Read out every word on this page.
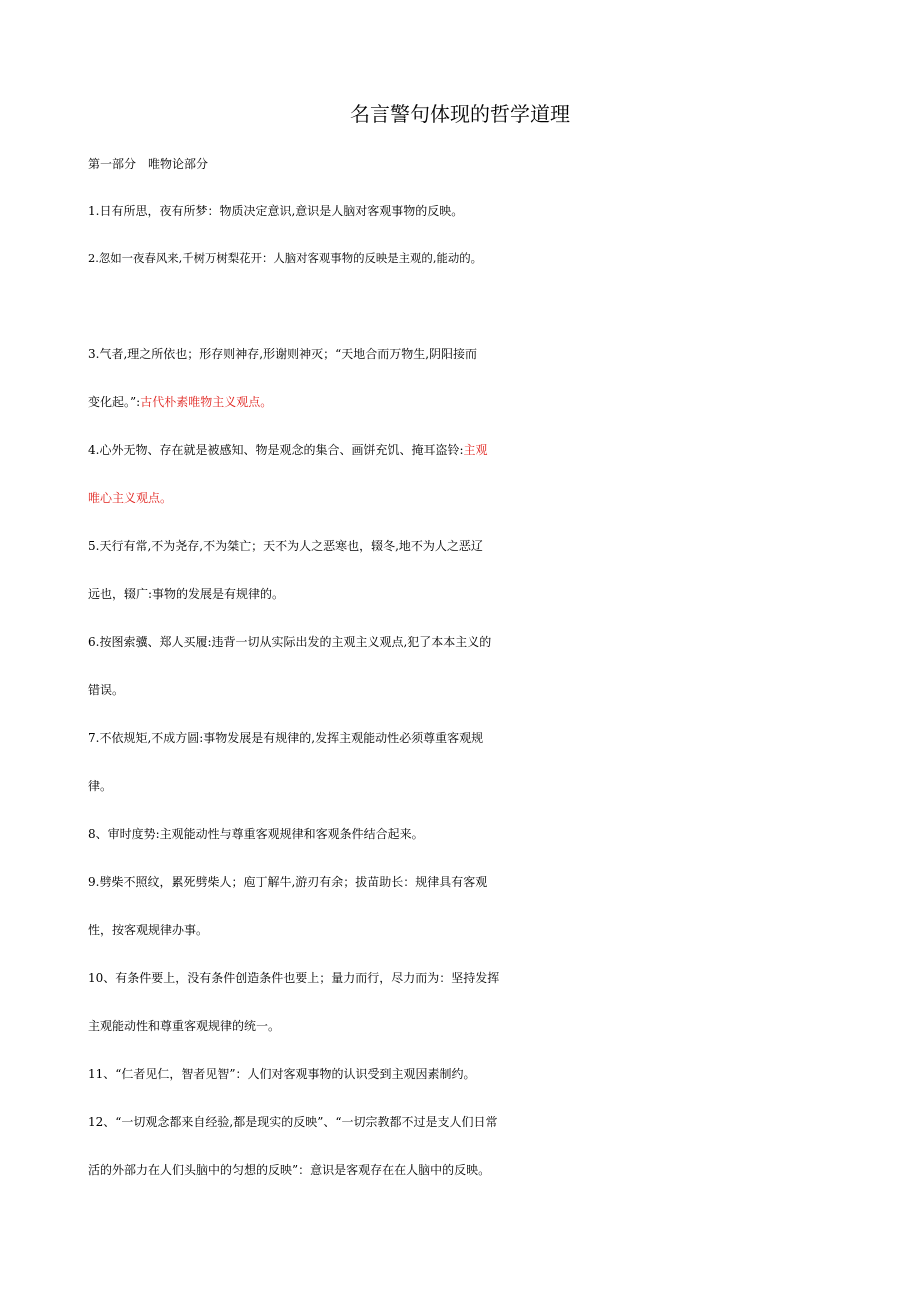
名言警句体现的哲学道理
第一部分　唯物论部分
1.日有所思，夜有所梦：物质决定意识,意识是人脑对客观事物的反映。
2.忽如一夜春风来,千树万树梨花开：人脑对客观事物的反映是主观的,能动的。
3.气者,理之所依也；形存则神存,形谢则神灭；“天地合而万物生,阴阳接而
变化起。”:古代朴素唯物主义观点。
4.心外无物、存在就是被感知、物是观念的集合、画饼充饥、掩耳盗铃:主观
唯心主义观点。
5.天行有常,不为尧存,不为桀亡；天不为人之恶寒也，辍冬,地不为人之恶辽
远也，辍广:事物的发展是有规律的。
6.按图索骥、郑人买履:违背一切从实际出发的主观主义观点,犯了本本主义的
错误。
7.不依规矩,不成方圆:事物发展是有规律的,发挥主观能动性必须尊重客观规
律。
8、审时度势:主观能动性与尊重客观规律和客观条件结合起来。
9.劈柴不照纹，累死劈柴人；庖丁解牛,游刃有余；拔苗助长：规律具有客观
性，按客观规律办事。
10、有条件要上，没有条件创造条件也要上；量力而行，尽力而为：坚持发挥
主观能动性和尊重客观规律的统一。
11、“仁者见仁，智者见智”：人们对客观事物的认识受到主观因素制约。
12、“一切观念都来自经验,都是现实的反映”、“一切宗教都不过是支人们日常
活的外部力在人们头脑中的匀想的反映”：意识是客观存在在人脑中的反映。
